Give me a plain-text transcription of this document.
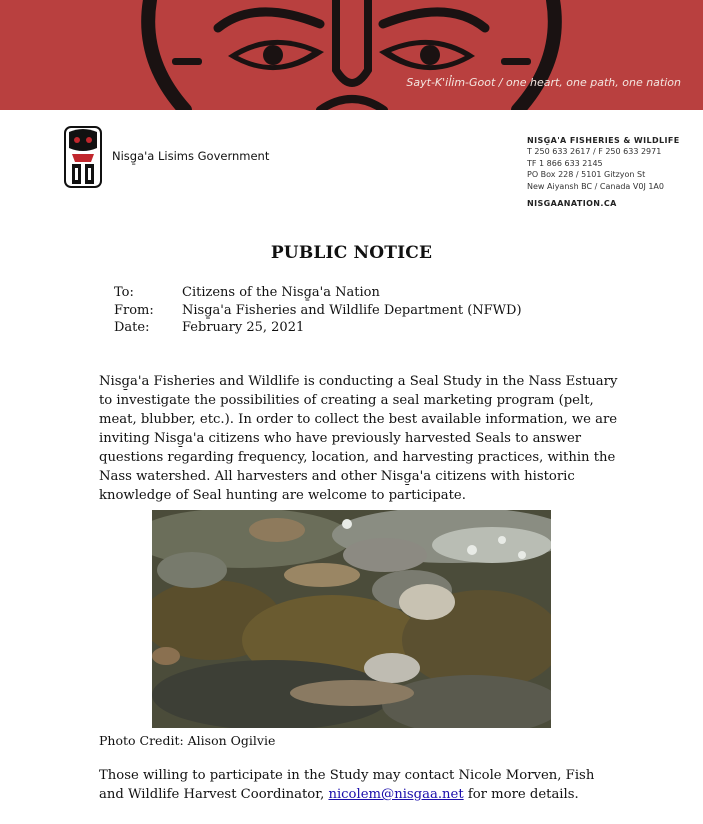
Sayt-K'il̓im-Goot / one heart, one path, one nation
Nisg̱a'a Lisims Government
NISG̱A'A FISHERIES & WILDLIFE
T 250 633 2617 / F 250 633 2971
TF 1 866 633 2145
PO Box 228 / 5101 Gitzyon St
New Aiyansh BC / Canada V0J 1A0
NISGAANATION.CA
PUBLIC NOTICE
To:	Citizens of the Nisg̱a'a Nation
From:	Nisg̱a'a Fisheries and Wildlife Department (NFWD)
Date:	February 25, 2021
Nisg̱a'a Fisheries and Wildlife is conducting a Seal Study in the Nass Estuary to investigate the possibilities of creating a seal marketing program (pelt, meat, blubber, etc.). In order to collect the best available information, we are inviting Nisg̱a'a citizens who have previously harvested Seals to answer questions regarding frequency, location, and harvesting practices, within the Nass watershed. All harvesters and other Nisg̱a'a citizens with historic knowledge of Seal hunting are welcome to participate.
Photo Credit: Alison Ogilvie
Those willing to participate in the Study may contact Nicole Morven, Fish and Wildlife Harvest Coordinator, nicolem@nisgaa.net for more details.
